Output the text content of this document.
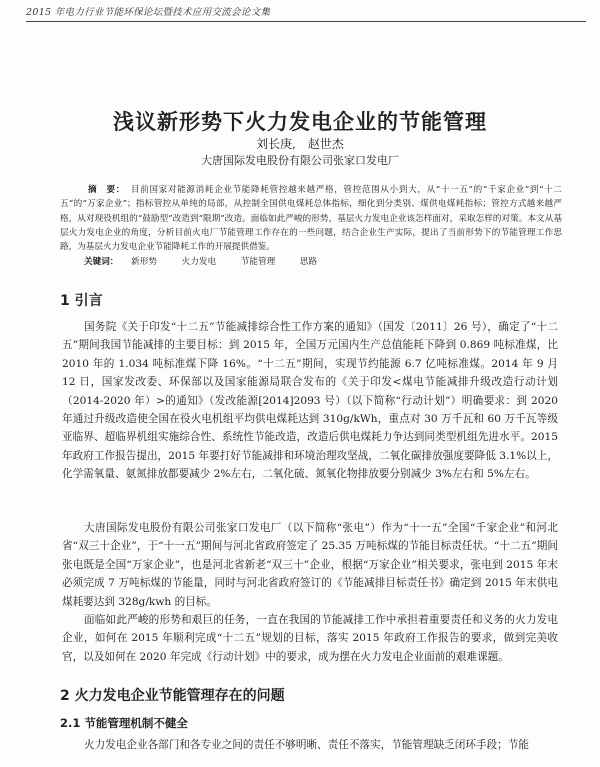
2015 年电力行业节能环保论坛暨技术应用交流会论文集
浅议新形势下火力发电企业的节能管理
刘长庚, 赵世杰
大唐国际发电股份有限公司张家口发电厂

摘　要： 目前国家对能源消耗企业节能降耗管控越来越严格，管控范围从小到大，从“十一五”的“千家企业”到“十二五”的“万家企业”；指标管控从单纯的局部，从控制全国供电煤耗总体指标，细化到分类别、煤供电煤耗指标；管控方式越来越严格，从对现役机组的“鼓励型”改造到“限期”改造。面临如此严峻的形势，基层火力发电企业该怎样面对，采取怎样的对策。本文从基层火力发电企业的角度，分析目前火电厂节能管理工作存在的一些问题，结合企业生产实际，提出了当前形势下的节能管理工作思路，为基层火力发电企业节能降耗工作的开展提供借鉴。

关键词： 新形势	火力发电	节能管理	思路
1 引言

国务院《关于印发“十二五”节能减排综合性工作方案的通知》（国发〔2011〕26 号），确定了“十二五”期间我国节能减排的主要目标：到 2015 年，全国万元国内生产总值能耗下降到 0.869 吨标准煤，比 2010 年的 1.034 吨标准煤下降 16%。“十二五”期间，实现节约能源 6.7 亿吨标准煤。2014 年 9 月 12 日，国家发改委、环保部以及国家能源局联合发布的《关于印发<煤电节能减排升级改造行动计划（2014-2020 年）>的通知》（发改能源[2014]2093 号）（以下简称“行动计划”）明确要求：到 2020 年通过升级改造使全国在役火电机组平均供电煤耗达到 310g/kWh，重点对 30 万千瓦和 60 万千瓦等级亚临界、超临界机组实施综合性、系统性节能改造，改造后供电煤耗力争达到同类型机组先进水平。2015 年政府工作报告提出，2015 年要打好节能减排和环境治理攻坚战，二氧化碳排放强度要降低 3.1%以上，化学需氧量、氨氮排放都要减少 2%左右，二氧化硫、氮氧化物排放要分别减少 3%左右和 5%左右。

大唐国际发电股份有限公司张家口发电厂（以下简称“张电”）作为“十一五”全国“千家企业”和河北省“双三十企业”，于“十一五”期间与河北省政府签定了 25.35 万吨标煤的节能目标责任状。“十二五”期间张电既是全国“万家企业”，也是河北省新老“双三十”企业，根据“万家企业”相关要求，张电到 2015 年末必须完成 7 万吨标煤的节能量，同时与河北省政府签订的《节能减排目标责任书》确定到 2015 年末供电煤耗要达到 328g/kwh 的目标。

面临如此严峻的形势和艰巨的任务，一直在我国的节能减排工作中承担着重要责任和义务的火力发电企业，如何在 2015 年顺利完成“十二五”规划的目标，落实 2015 年政府工作报告的要求，做到完美收官，以及如何在 2020 年完成《行动计划》中的要求，成为摆在火力发电企业面前的艰难课题。

2 火力发电企业节能管理存在的问题
2.1 节能管理机制不健全

火力发电企业各部门和各专业之间的责任不够明晰、责任不落实，节能管理缺乏闭环手段；节能
